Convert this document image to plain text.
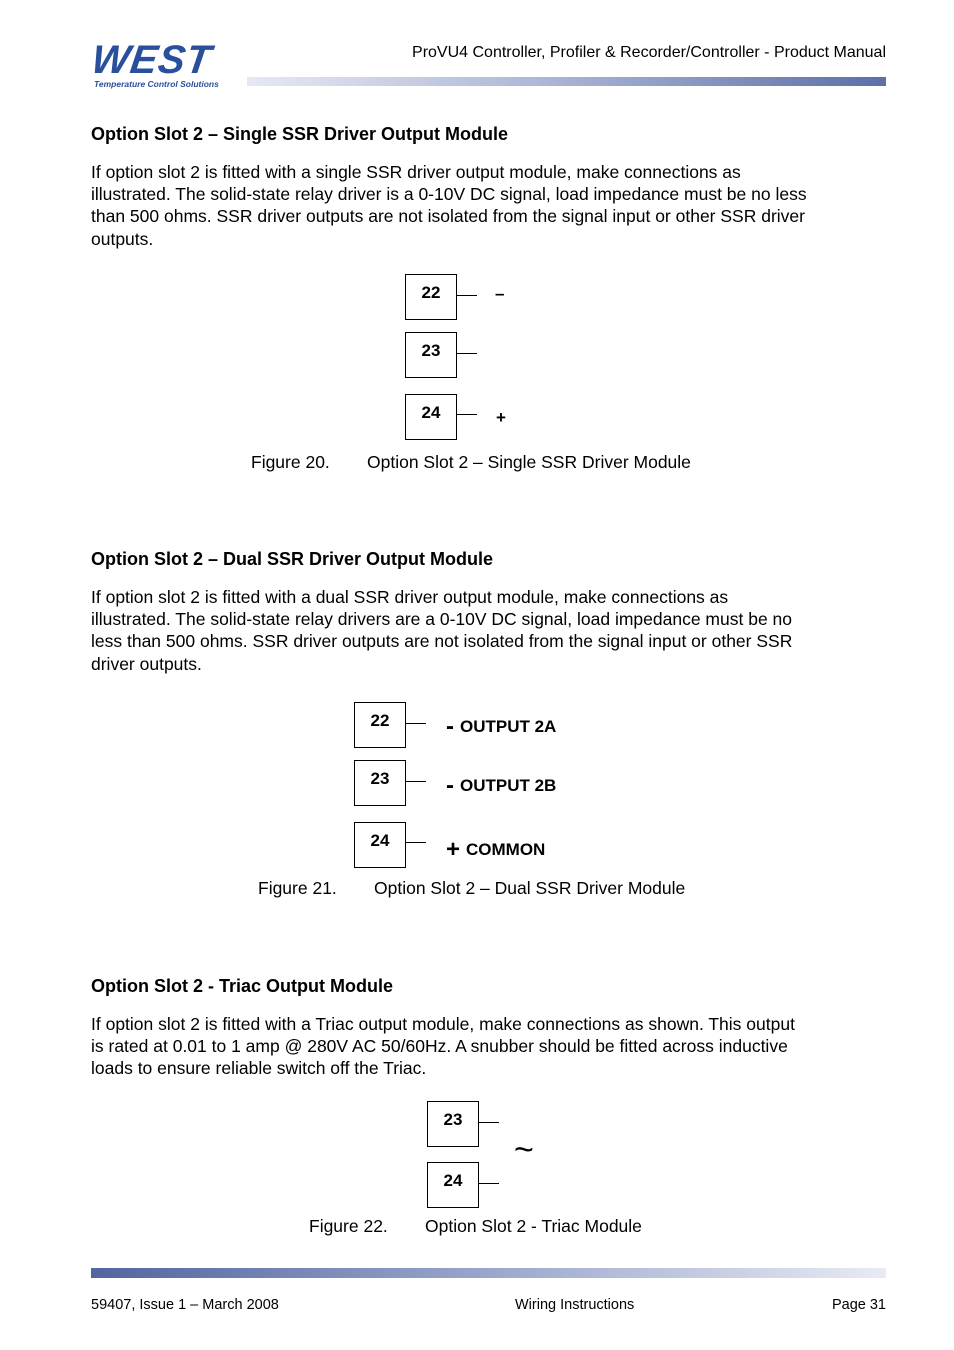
WEST
Temperature Control Solutions
ProVU4 Controller, Profiler & Recorder/Controller - Product Manual
Option Slot 2 – Single SSR Driver Output Module
If option slot 2 is fitted with a single SSR driver output module, make connections as
illustrated. The solid-state relay driver is a 0-10V DC signal, load impedance must be no less
than 500 ohms. SSR driver outputs are not isolated from the signal input or other SSR driver
outputs.
22	–
23
24	+
Figure 20. Option Slot 2 – Single SSR Driver Module
Option Slot 2 – Dual SSR Driver Output Module
If option slot 2 is fitted with a dual SSR driver output module, make connections as
illustrated. The solid-state relay drivers are a 0-10V DC signal, load impedance must be no
less than 500 ohms. SSR driver outputs are not isolated from the signal input or other SSR
driver outputs.
22	- OUTPUT 2A
23	- OUTPUT 2B
24	+ COMMON
Figure 21. Option Slot 2 – Dual SSR Driver Module
Option Slot 2 - Triac Output Module
If option slot 2 is fitted with a Triac output module, make connections as shown. This output
is rated at 0.01 to 1 amp @ 280V AC 50/60Hz. A snubber should be fitted across inductive
loads to ensure reliable switch off the Triac.
23
24
~
Figure 22. Option Slot 2 - Triac Module
59407, Issue 1 – March 2008	Wiring Instructions	Page 31
